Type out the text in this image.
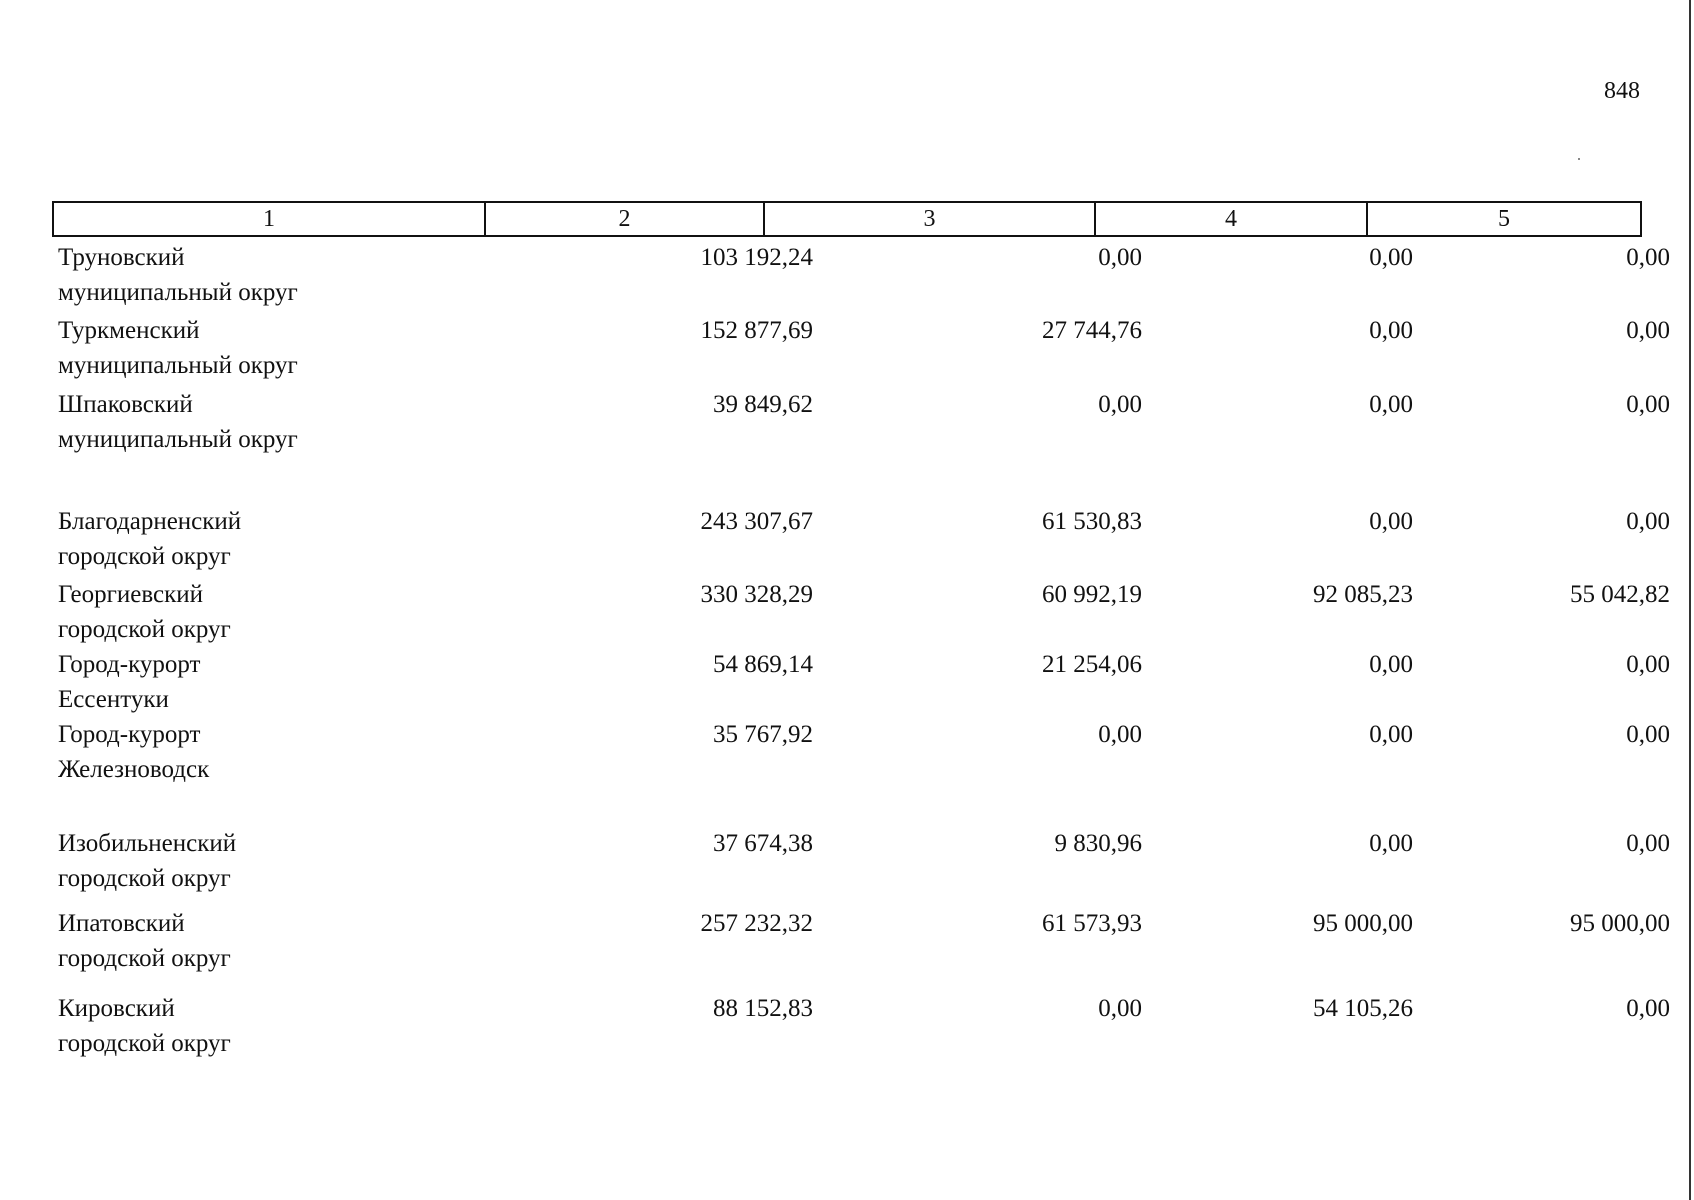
848
1	2	3	4	5
Труновский
муниципальный округ
103 192,24	0,00	0,00	0,00
Туркменский
муниципальный округ
152 877,69	27 744,76	0,00	0,00
Шпаковский
муниципальный округ
39 849,62	0,00	0,00	0,00
Благодарненский
городской округ
243 307,67	61 530,83	0,00	0,00
Георгиевский
городской округ
330 328,29	60 992,19	92 085,23	55 042,82
Город-курорт
Ессентуки
54 869,14	21 254,06	0,00	0,00
Город-курорт
Железноводск
35 767,92	0,00	0,00	0,00
Изобильненский
городской округ
37 674,38	9 830,96	0,00	0,00
Ипатовский
городской округ
257 232,32	61 573,93	95 000,00	95 000,00
Кировский
городской округ
88 152,83	0,00	54 105,26	0,00
